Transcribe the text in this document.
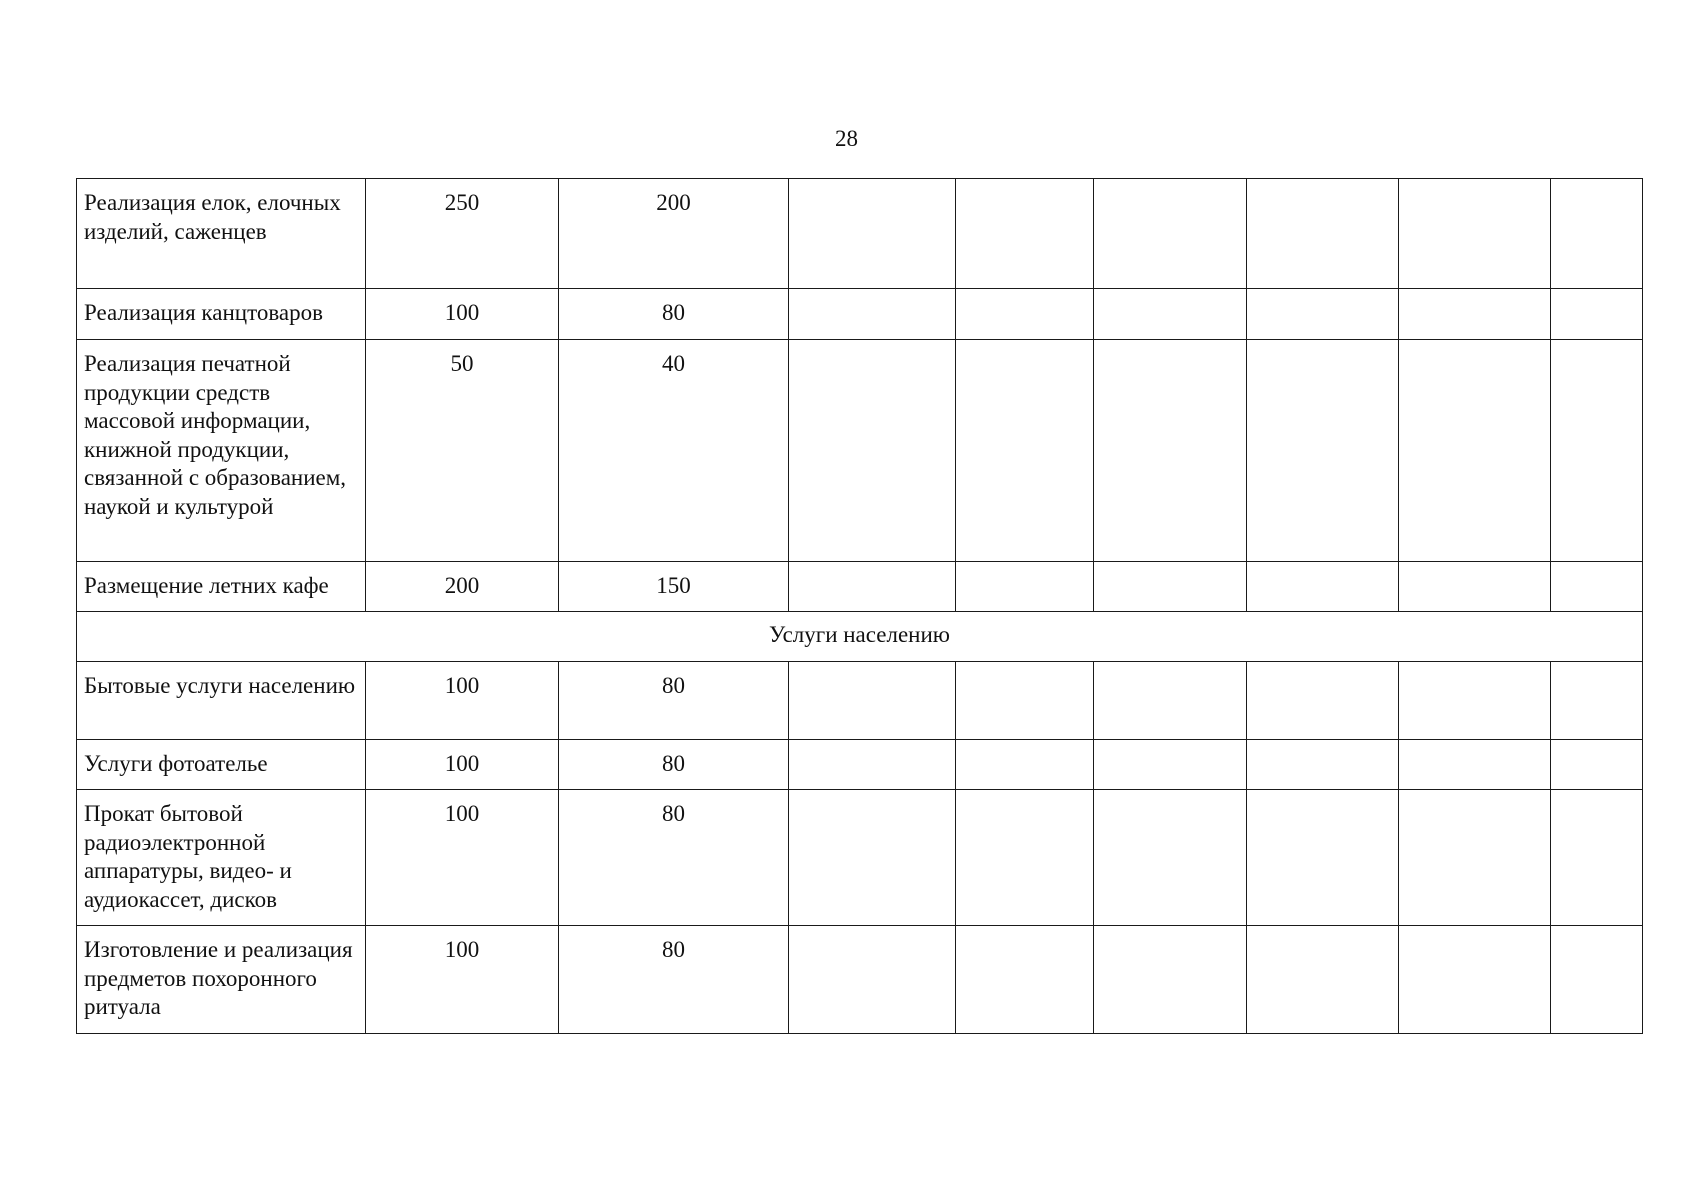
28
Реализация елок, елочных изделий, саженцев	250	200						
Реализация канцтоваров	100	80						
Реализация печатной продукции средств массовой информации, книжной продукции, связанной с образованием, наукой и культурой	50	40						
Размещение летних кафе	200	150						
Услуги населению								
Бытовые услуги населению	100	80						
Услуги фотоателье	100	80						
Прокат бытовой радиоэлектронной аппаратуры, видео- и аудиокассет, дисков	100	80						
Изготовление и реализация предметов похоронного ритуала	100	80						
